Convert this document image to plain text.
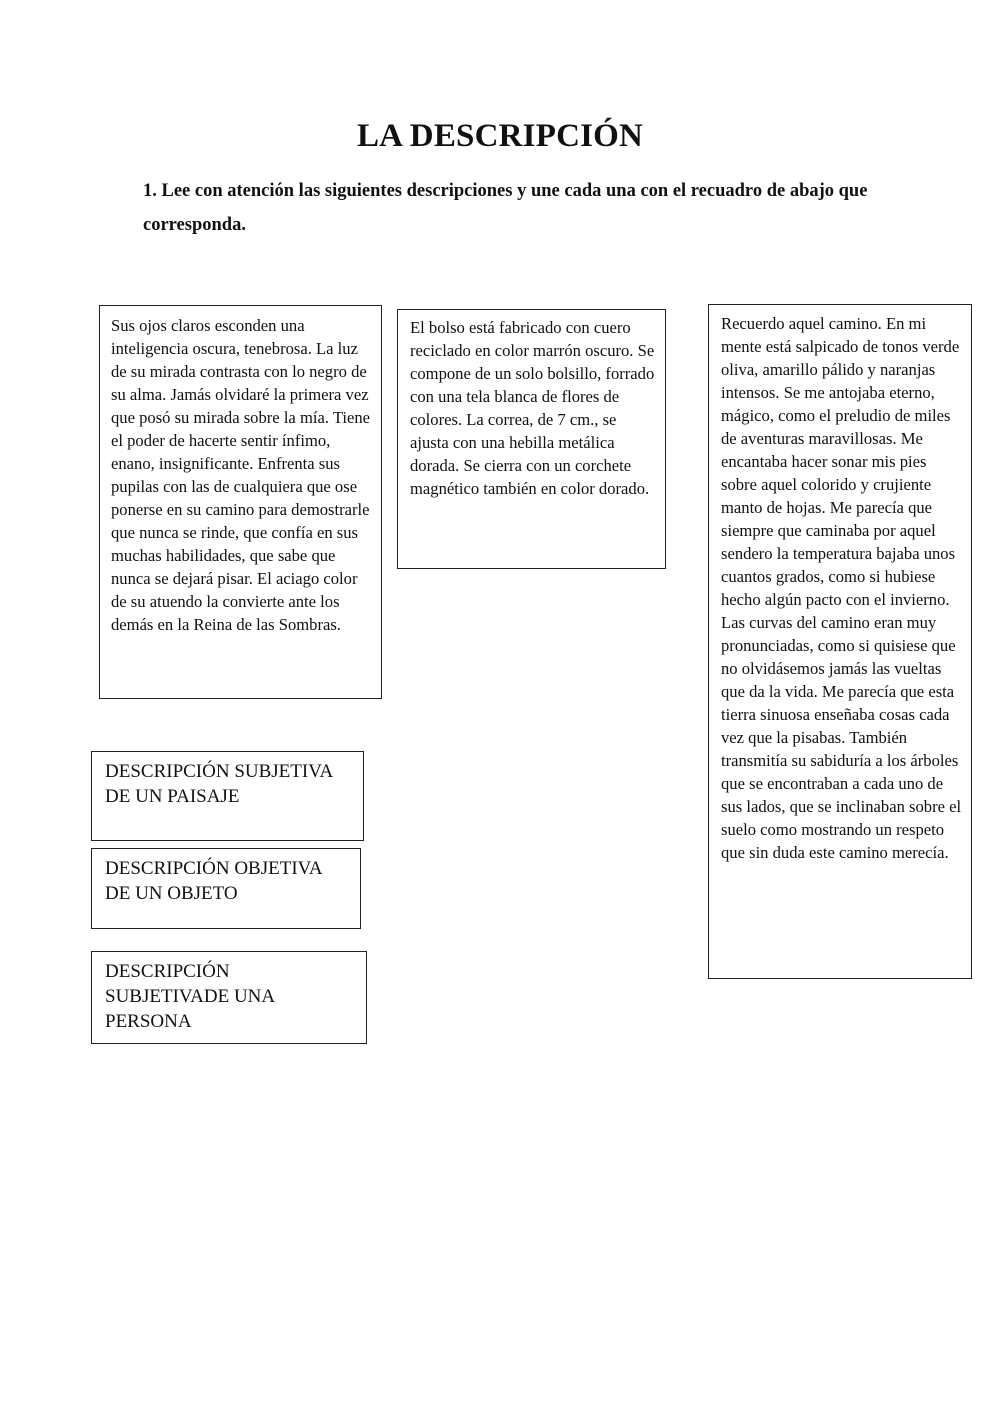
LA DESCRIPCIÓN

1. Lee con atención las siguientes descripciones y une cada una con el recuadro de abajo que corresponda.

Sus ojos claros esconden una inteligencia oscura, tenebrosa. La luz de su mirada contrasta con lo negro de su alma. Jamás olvidaré la primera vez que posó su mirada sobre la mía. Tiene el poder de hacerte sentir ínfimo, enano, insignificante. Enfrenta sus pupilas con las de cualquiera que ose ponerse en su camino para demostrarle que nunca se rinde, que confía en sus muchas habilidades, que sabe que nunca se dejará pisar. El aciago color de su atuendo la convierte ante los demás en la Reina de las Sombras.

El bolso está fabricado con cuero reciclado en color marrón oscuro. Se compone de un solo bolsillo, forrado con una tela blanca de flores de colores. La correa, de 7 cm., se ajusta con una hebilla metálica dorada. Se cierra con un corchete magnético también en color dorado.

Recuerdo aquel camino. En mi mente está salpicado de tonos verde oliva, amarillo pálido y naranjas intensos. Se me antojaba eterno, mágico, como el preludio de miles de aventuras maravillosas. Me encantaba hacer sonar mis pies sobre aquel colorido y crujiente manto de hojas. Me parecía que siempre que caminaba por aquel sendero la temperatura bajaba unos cuantos grados, como si hubiese hecho algún pacto con el invierno. Las curvas del camino eran muy pronunciadas, como si quisiese que no olvidásemos jamás las vueltas que da la vida. Me parecía que esta tierra sinuosa enseñaba cosas cada vez que la pisabas. También transmitía su sabiduría a los árboles que se encontraban a cada uno de sus lados, que se inclinaban sobre el suelo como mostrando un respeto que sin duda este camino merecía.

DESCRIPCIÓN SUBJETIVA DE UN PAISAJE

DESCRIPCIÓN OBJETIVA DE UN OBJETO

DESCRIPCIÓN SUBJETIVADE UNA PERSONA
